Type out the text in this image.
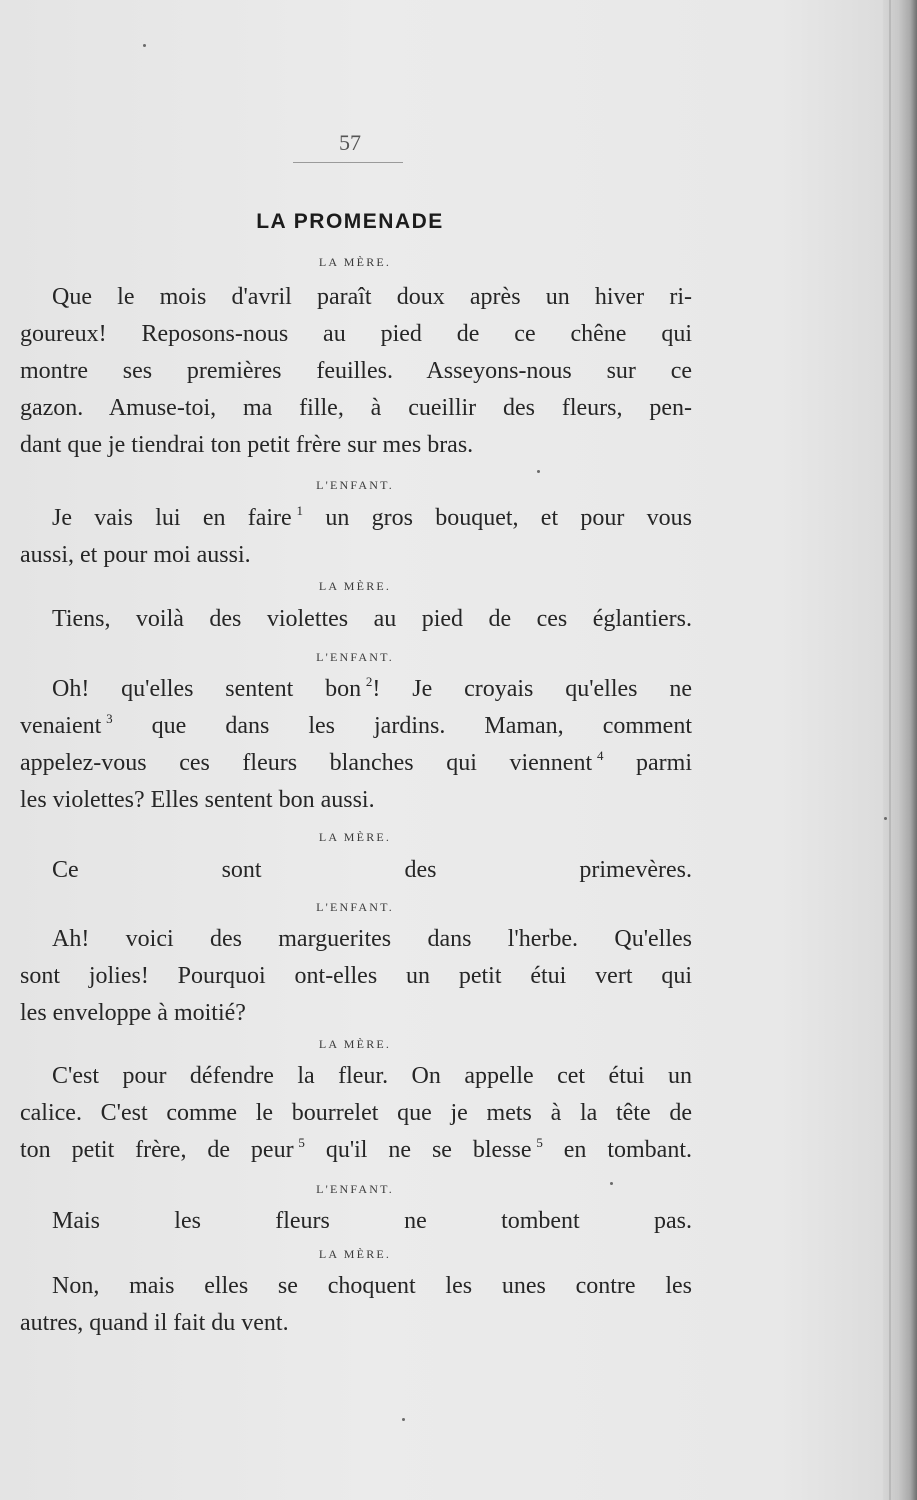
57
LA PROMENADE
LA MÈRE.
Que le mois d'avril paraît doux après un hiver ri-
goureux! Reposons-nous au pied de ce chêne qui
montre ses premières feuilles. Asseyons-nous sur ce
gazon. Amuse-toi, ma fille, à cueillir des fleurs, pen-
dant que je tiendrai ton petit frère sur mes bras.
L'ENFANT.
Je vais lui en faire  $^1$ un gros bouquet, et pour vous
aussi, et pour moi aussi.
LA MÈRE.
Tiens, voilà des violettes au pied de ces églantiers.
L'ENFANT.
Oh! qu'elles sentent bon  $^2$! Je croyais qu'elles ne
venaient  $^3$ que dans les jardins. Maman, comment
appelez-vous ces fleurs blanches qui viennent  $^4$ parmi
les violettes? Elles sentent bon aussi.
LA MÈRE.
Ce sont des primevères.
L'ENFANT.
Ah! voici des marguerites dans l'herbe. Qu'elles
sont jolies! Pourquoi ont-elles un petit étui vert qui
les enveloppe à moitié?
LA MÈRE.
C'est pour défendre la fleur. On appelle cet étui un
calice. C'est comme le bourrelet que je mets à la tête de
ton petit frère, de peur  $^5$ qu'il ne se blesse  $^5$ en tombant.
L'ENFANT.
Mais les fleurs ne tombent pas.
LA MÈRE.
Non, mais elles se choquent les unes contre les
autres, quand il fait du vent.
